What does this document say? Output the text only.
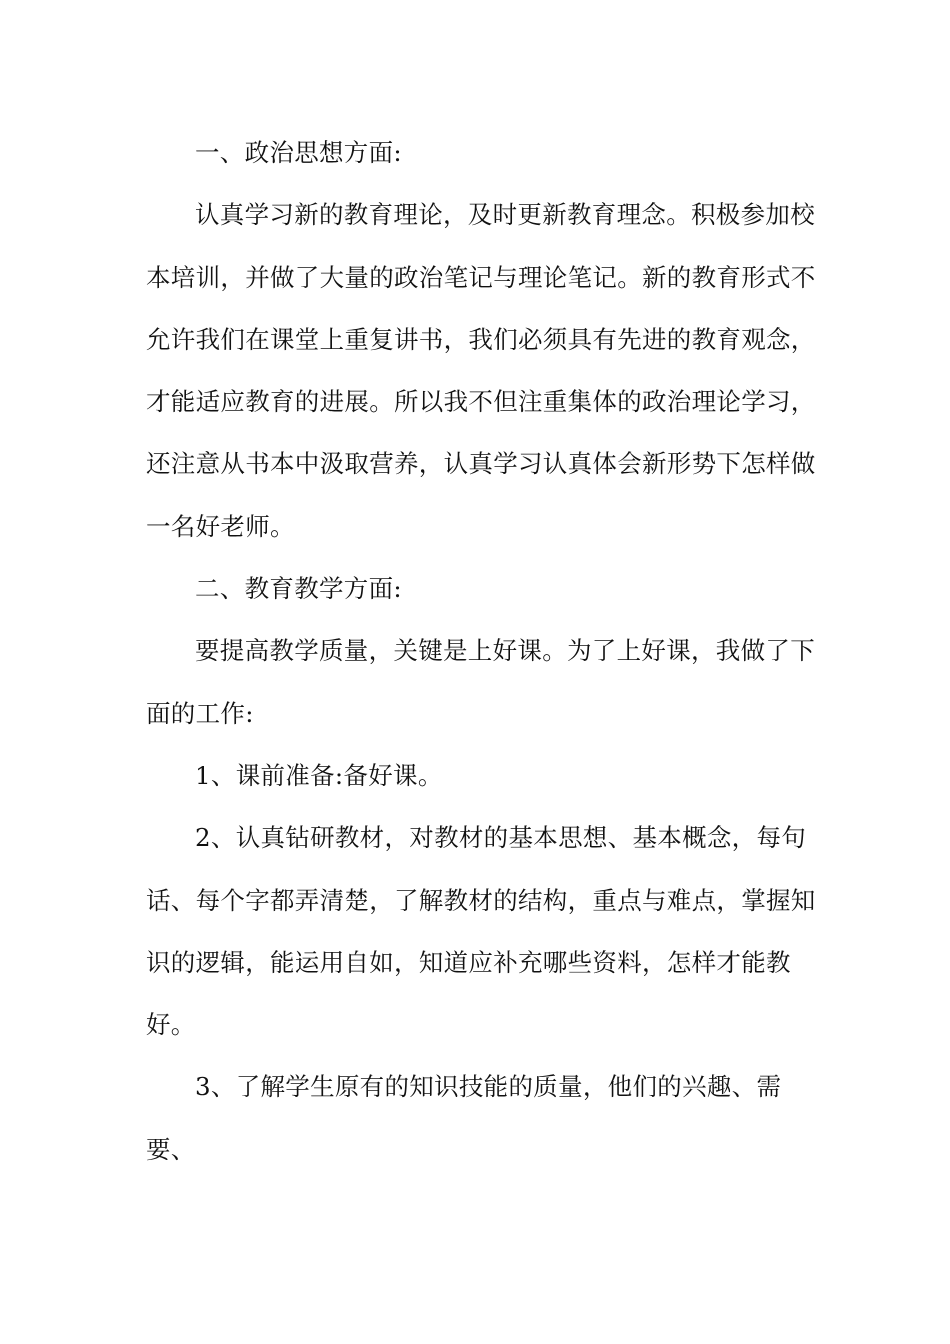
一、政治思想方面:

认真学习新的教育理论，及时更新教育理念。积极参加校本培训，并做了大量的政治笔记与理论笔记。新的教育形式不允许我们在课堂上重复讲书，我们必须具有先进的教育观念，才能适应教育的进展。所以我不但注重集体的政治理论学习，还注意从书本中汲取营养，认真学习认真体会新形势下怎样做一名好老师。

二、教育教学方面:

要提高教学质量，关键是上好课。为了上好课，我做了下面的工作:

1、课前准备:备好课。

2、认真钻研教材，对教材的基本思想、基本概念，每句话、每个字都弄清楚，了解教材的结构，重点与难点，掌握知识的逻辑，能运用自如，知道应补充哪些资料，怎样才能教好。

3、了解学生原有的知识技能的质量，他们的兴趣、需要、
